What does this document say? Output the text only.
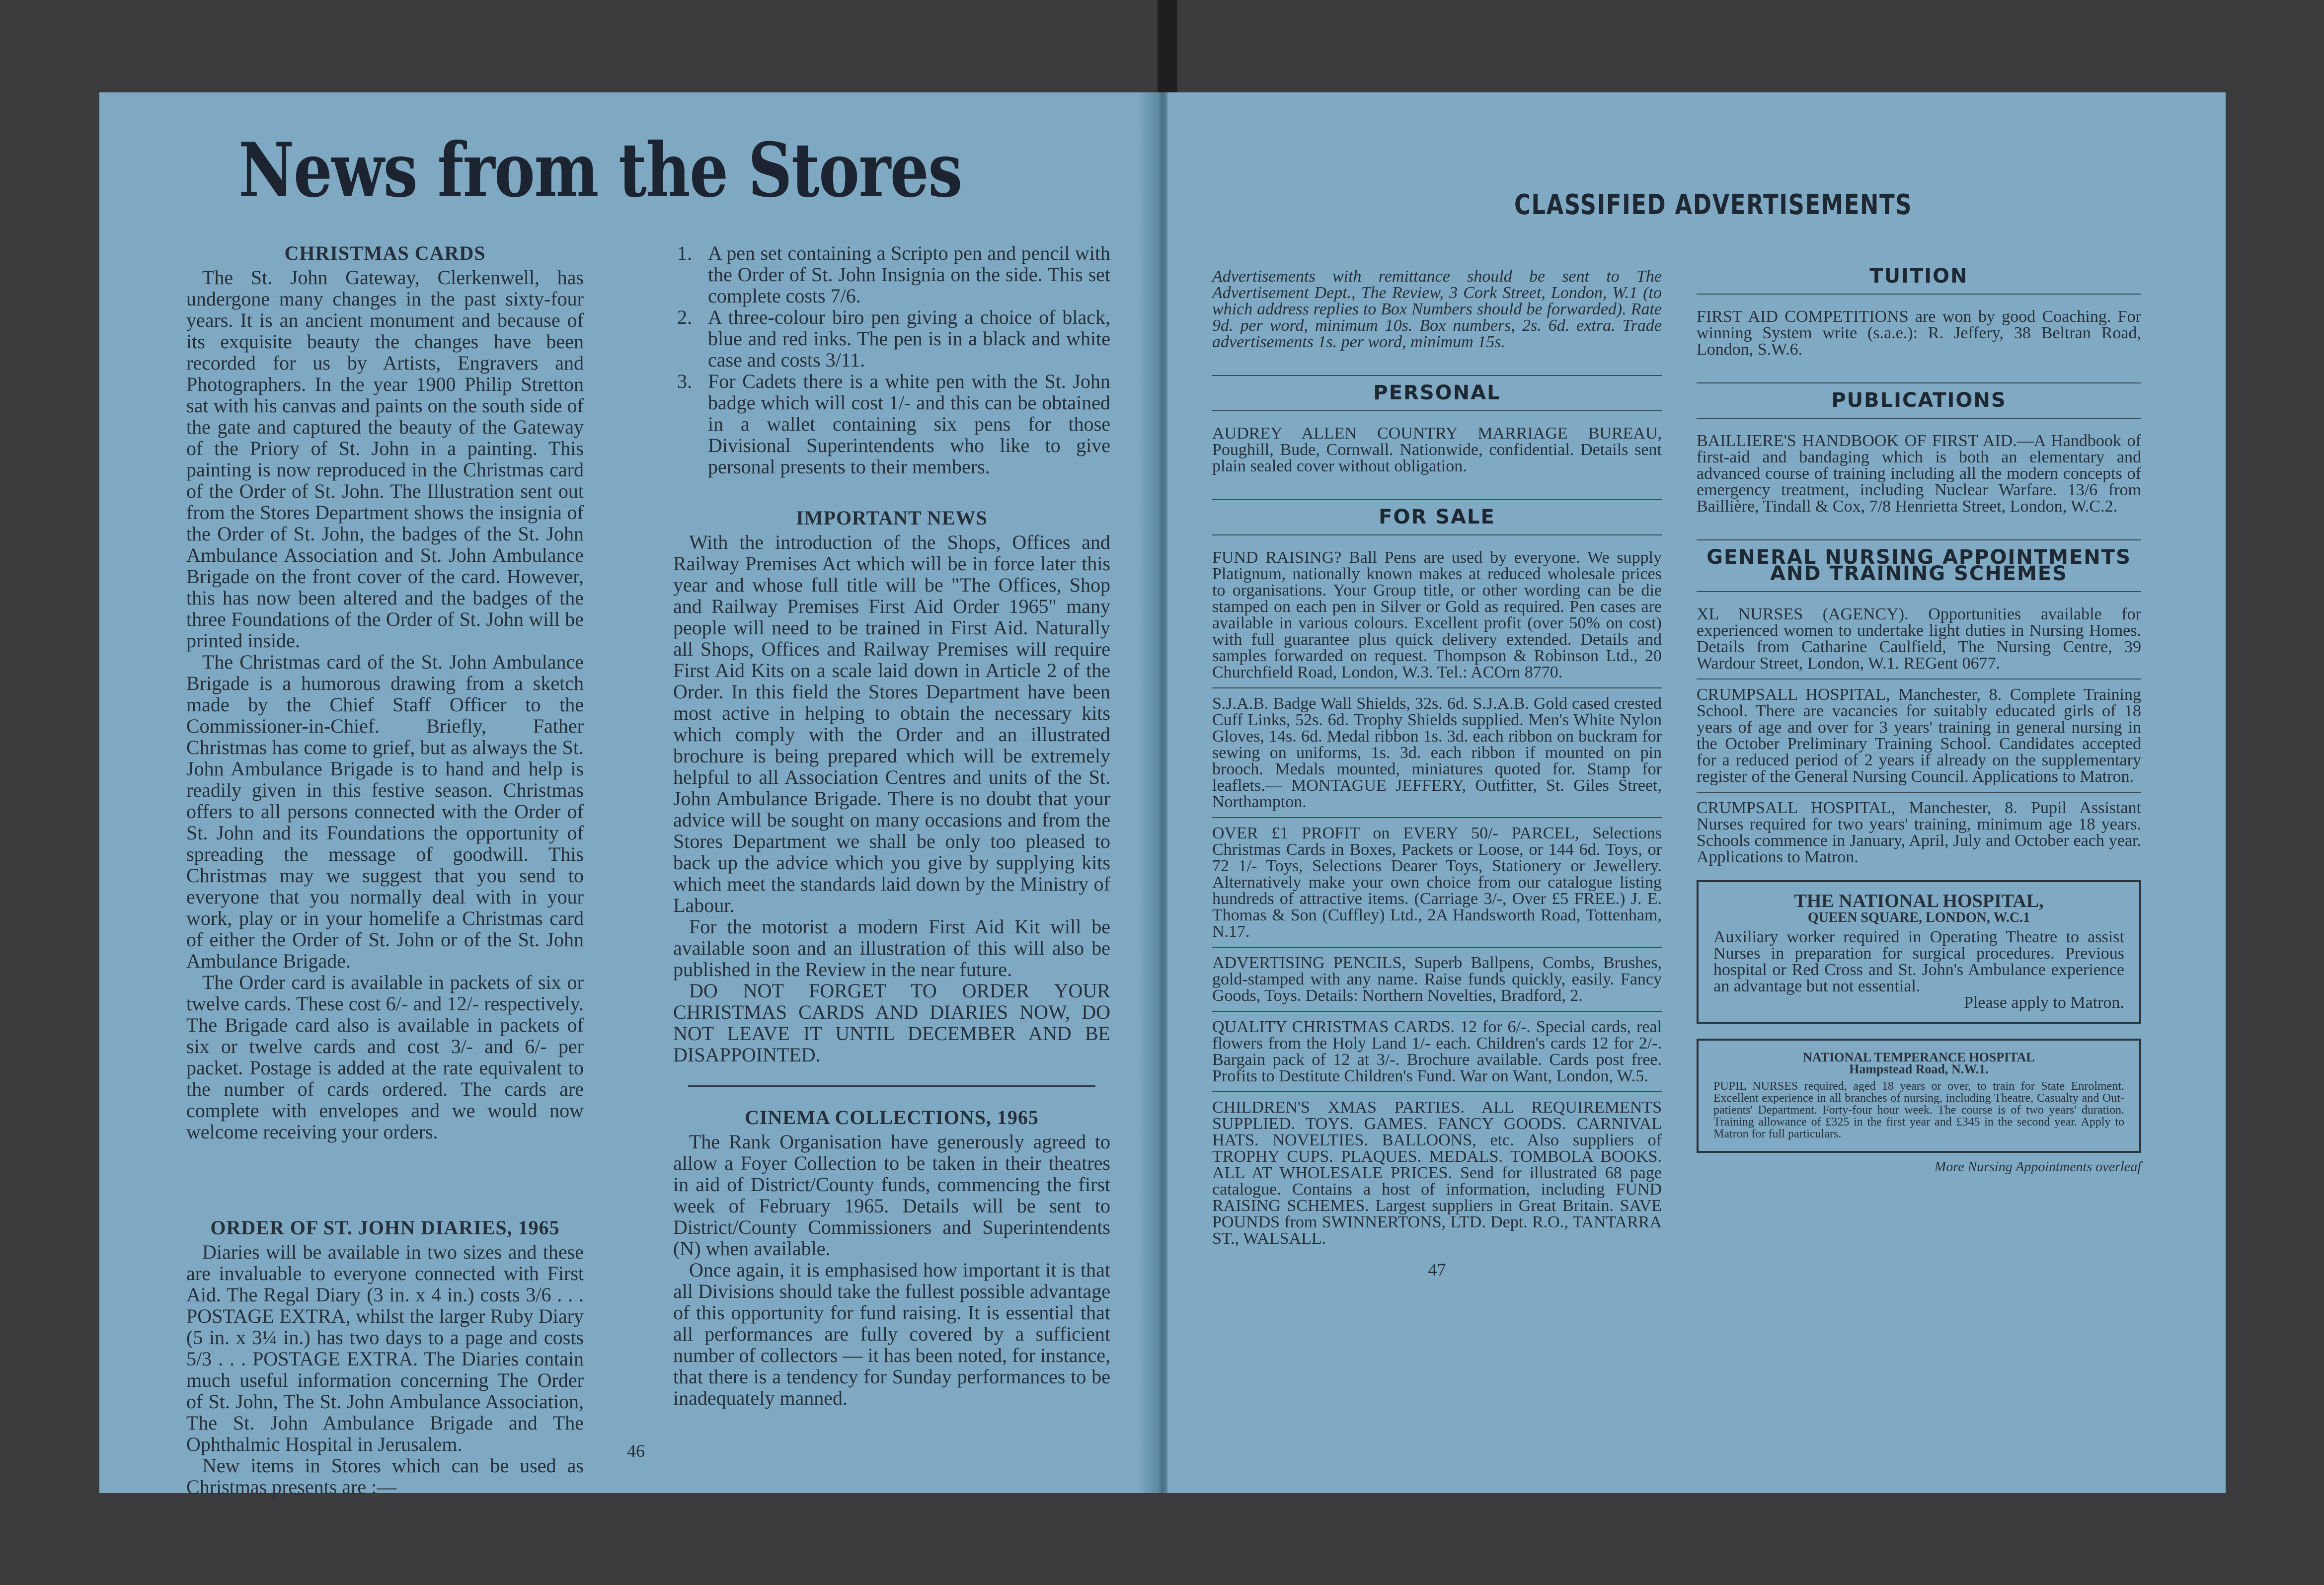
News from the Stores
CHRISTMAS CARDS

The St. John Gateway, Clerkenwell, has undergone many changes in the past sixty-four years. It is an ancient monument and because of its exquisite beauty the changes have been recorded for us by Artists, Engravers and Photographers. In the year 1900 Philip Stretton sat with his canvas and paints on the south side of the gate and captured the beauty of the Gateway of the Priory of St. John in a painting. This painting is now reproduced in the Christmas card of the Order of St. John. The Illustration sent out from the Stores Department shows the insignia of the Order of St. John, the badges of the St. John Ambulance Association and St. John Ambulance Brigade on the front cover of the card. However, this has now been altered and the badges of the three Foundations of the Order of St. John will be printed inside.

The Christmas card of the St. John Ambulance Brigade is a humorous drawing from a sketch made by the Chief Staff Officer to the Commissioner-in-Chief. Briefly, Father Christmas has come to grief, but as always the St. John Ambulance Brigade is to hand and help is readily given in this festive season. Christmas offers to all persons connected with the Order of St. John and its Foundations the opportunity of spreading the message of goodwill. This Christmas may we suggest that you send to everyone that you normally deal with in your work, play or in your homelife a Christmas card of either the Order of St. John or of the St. John Ambulance Brigade.

The Order card is available in packets of six or twelve cards. These cost 6/- and 12/- respectively. The Brigade card also is available in packets of six or twelve cards and cost 3/- and 6/- per packet. Postage is added at the rate equivalent to the number of cards ordered. The cards are complete with envelopes and we would now welcome receiving your orders.

ORDER OF ST. JOHN DIARIES, 1965

Diaries will be available in two sizes and these are invaluable to everyone connected with First Aid. The Regal Diary (3 in. x 4 in.) costs 3/6 . . . POSTAGE EXTRA, whilst the larger Ruby Diary (5 in. x 3¼ in.) has two days to a page and costs 5/3 . . . POSTAGE EXTRA. The Diaries contain much useful information concerning The Order of St. John, The St. John Ambulance Association, The St. John Ambulance Brigade and The Ophthalmic Hospital in Jerusalem.

New items in Stores which can be used as Christmas presents are :—

1. A pen set containing a Scripto pen and pencil with the Order of St. John Insignia on the side. This set complete costs 7/6.
2. A three-colour biro pen giving a choice of black, blue and red inks. The pen is in a black and white case and costs 3/11.
3. For Cadets there is a white pen with the St. John badge which will cost 1/- and this can be obtained in a wallet containing six pens for those Divisional Superintendents who like to give personal presents to their members.
IMPORTANT NEWS

With the introduction of the Shops, Offices and Railway Premises Act which will be in force later this year and whose full title will be "The Offices, Shop and Railway Premises First Aid Order 1965" many people will need to be trained in First Aid. Naturally all Shops, Offices and Railway Premises will require First Aid Kits on a scale laid down in Article 2 of the Order. In this field the Stores Department have been most active in helping to obtain the necessary kits which comply with the Order and an illustrated brochure is being prepared which will be extremely helpful to all Association Centres and units of the St. John Ambulance Brigade. There is no doubt that your advice will be sought on many occasions and from the Stores Department we shall be only too pleased to back up the advice which you give by supplying kits which meet the standards laid down by the Ministry of Labour.

For the motorist a modern First Aid Kit will be available soon and an illustration of this will also be published in the Review in the near future.

DO NOT FORGET TO ORDER YOUR CHRISTMAS CARDS AND DIARIES NOW, DO NOT LEAVE IT UNTIL DECEMBER AND BE DISAPPOINTED.

CINEMA COLLECTIONS, 1965

The Rank Organisation have generously agreed to allow a Foyer Collection to be taken in their theatres in aid of District/County funds, commencing the first week of February 1965. Details will be sent to District/County Commissioners and Superintendents (N) when available.

Once again, it is emphasised how important it is that all Divisions should take the fullest possible advantage of this opportunity for fund raising. It is essential that all performances are fully covered by a sufficient number of collectors — it has been noted, for instance, that there is a tendency for Sunday performances to be inadequately manned.

46
CLASSIFIED ADVERTISEMENTS

Advertisements with remittance should be sent to The Advertisement Dept., The Review, 3 Cork Street, London, W.1 (to which address replies to Box Numbers should be forwarded). Rate 9d. per word, minimum 10s. Box numbers, 2s. 6d. extra. Trade advertisements 1s. per word, minimum 15s.

PERSONAL

AUDREY ALLEN COUNTRY MARRIAGE BUREAU, Poughill, Bude, Cornwall. Nationwide, confidential. Details sent plain sealed cover without obligation.

FOR SALE

FUND RAISING? Ball Pens are used by everyone. We supply Platignum, nationally known makes at reduced wholesale prices to organisations. Your Group title, or other wording can be die stamped on each pen in Silver or Gold as required. Pen cases are available in various colours. Excellent profit (over 50% on cost) with full guarantee plus quick delivery extended. Details and samples forwarded on request. Thompson & Robinson Ltd., 20 Churchfield Road, London, W.3. Tel.: ACOrn 8770.

S.J.A.B. Badge Wall Shields, 32s. 6d. S.J.A.B. Gold cased crested Cuff Links, 52s. 6d. Trophy Shields supplied. Men's White Nylon Gloves, 14s. 6d. Medal ribbon 1s. 3d. each ribbon on buckram for sewing on uniforms, 1s. 3d. each ribbon if mounted on pin brooch. Medals mounted, miniatures quoted for. Stamp for leaflets.— MONTAGUE JEFFERY, Outfitter, St. Giles Street, Northampton.

OVER £1 PROFIT on EVERY 50/- PARCEL, Selections Christmas Cards in Boxes, Packets or Loose, or 144 6d. Toys, or 72 1/- Toys, Selections Dearer Toys, Stationery or Jewellery. Alternatively make your own choice from our catalogue listing hundreds of attractive items. (Carriage 3/-, Over £5 FREE.) J. E. Thomas & Son (Cuffley) Ltd., 2A Handsworth Road, Tottenham, N.17.

ADVERTISING PENCILS, Superb Ballpens, Combs, Brushes, gold-stamped with any name. Raise funds quickly, easily. Fancy Goods, Toys. Details: Northern Novelties, Bradford, 2.

QUALITY CHRISTMAS CARDS. 12 for 6/-. Special cards, real flowers from the Holy Land 1/- each. Children's cards 12 for 2/-. Bargain pack of 12 at 3/-. Brochure available. Cards post free. Profits to Destitute Children's Fund. War on Want, London, W.5.

CHILDREN'S XMAS PARTIES. ALL REQUIREMENTS SUPPLIED. TOYS. GAMES. FANCY GOODS. CARNIVAL HATS. NOVELTIES. BALLOONS, etc. Also suppliers of TROPHY CUPS. PLAQUES. MEDALS. TOMBOLA BOOKS. ALL AT WHOLESALE PRICES. Send for illustrated 68 page catalogue. Contains a host of information, including FUND RAISING SCHEMES. Largest suppliers in Great Britain. SAVE POUNDS from SWINNERTONS, LTD. Dept. R.O., TANTARRA ST., WALSALL.

47

TUITION

FIRST AID COMPETITIONS are won by good Coaching. For winning System write (s.a.e.): R. Jeffery, 38 Beltran Road, London, S.W.6.

PUBLICATIONS

BAILLIERE'S HANDBOOK OF FIRST AID.—A Handbook of first-aid and bandaging which is both an elementary and advanced course of training including all the modern concepts of emergency treatment, including Nuclear Warfare. 13/6 from Baillière, Tindall & Cox, 7/8 Henrietta Street, London, W.C.2.

GENERAL NURSING APPOINTMENTS

AND TRAINING SCHEMES

XL NURSES (AGENCY). Opportunities available for experienced women to undertake light duties in Nursing Homes. Details from Catharine Caulfield, The Nursing Centre, 39 Wardour Street, London, W.1. REGent 0677.

CRUMPSALL HOSPITAL, Manchester, 8. Complete Training School. There are vacancies for suitably educated girls of 18 years of age and over for 3 years' training in general nursing in the October Preliminary Training School. Candidates accepted for a reduced period of 2 years if already on the supplementary register of the General Nursing Council. Applications to Matron.

CRUMPSALL HOSPITAL, Manchester, 8. Pupil Assistant Nurses required for two years' training, minimum age 18 years. Schools commence in January, April, July and October each year. Applications to Matron.

THE NATIONAL HOSPITAL,
QUEEN SQUARE, LONDON, W.C.1

Auxiliary worker required in Operating Theatre to assist Nurses in preparation for surgical procedures. Previous hospital or Red Cross and St. John's Ambulance experience an advantage but not essential.

Please apply to Matron.

NATIONAL TEMPERANCE HOSPITAL
Hampstead Road, N.W.1.

PUPIL NURSES required, aged 18 years or over, to train for State Enrolment. Excellent experience in all branches of nursing, including Theatre, Casualty and Out-patients' Department. Forty-four hour week. The course is of two years' duration. Training allowance of £325 in the first year and £345 in the second year. Apply to Matron for full particulars.

More Nursing Appointments overleaf
